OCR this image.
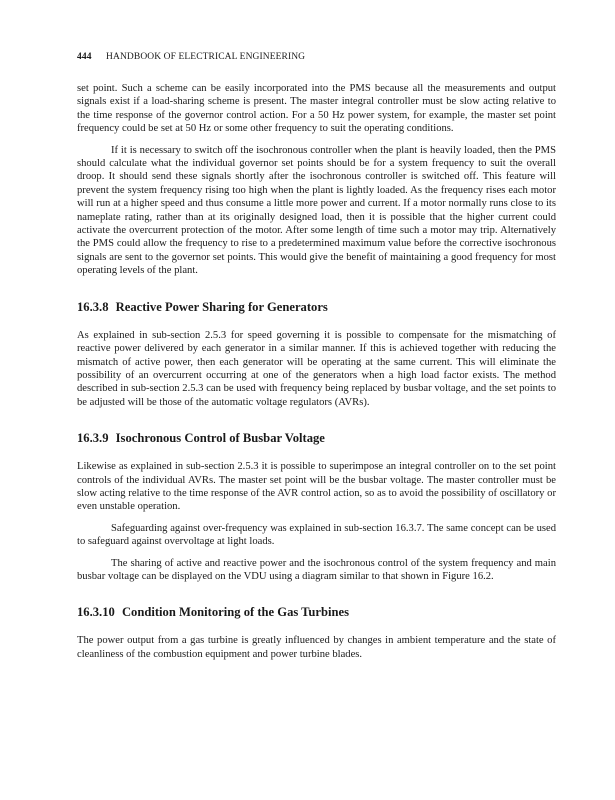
444 HANDBOOK OF ELECTRICAL ENGINEERING

set point. Such a scheme can be easily incorporated into the PMS because all the measurements and output signals exist if a load-sharing scheme is present. The master integral controller must be slow acting relative to the time response of the governor control action. For a 50 Hz power system, for example, the master set point frequency could be set at 50 Hz or some other frequency to suit the operating conditions.

If it is necessary to switch off the isochronous controller when the plant is heavily loaded, then the PMS should calculate what the individual governor set points should be for a system frequency to suit the overall droop. It should send these signals shortly after the isochronous controller is switched off. This feature will prevent the system frequency rising too high when the plant is lightly loaded. As the frequency rises each motor will run at a higher speed and thus consume a little more power and current. If a motor normally runs close to its nameplate rating, rather than at its originally designed load, then it is possible that the higher current could activate the overcurrent protection of the motor. After some length of time such a motor may trip. Alternatively the PMS could allow the frequency to rise to a predetermined maximum value before the corrective isochronous signals are sent to the governor set points. This would give the benefit of maintaining a good frequency for most operating levels of the plant.

16.3.8 Reactive Power Sharing for Generators

As explained in sub-section 2.5.3 for speed governing it is possible to compensate for the mismatching of reactive power delivered by each generator in a similar manner. If this is achieved together with reducing the mismatch of active power, then each generator will be operating at the same current. This will eliminate the possibility of an overcurrent occurring at one of the generators when a high load factor exists. The method described in sub-section 2.5.3 can be used with frequency being replaced by busbar voltage, and the set points to be adjusted will be those of the automatic voltage regulators (AVRs).

16.3.9 Isochronous Control of Busbar Voltage

Likewise as explained in sub-section 2.5.3 it is possible to superimpose an integral controller on to the set point controls of the individual AVRs. The master set point will be the busbar voltage. The master controller must be slow acting relative to the time response of the AVR control action, so as to avoid the possibility of oscillatory or even unstable operation.

Safeguarding against over-frequency was explained in sub-section 16.3.7. The same concept can be used to safeguard against overvoltage at light loads.

The sharing of active and reactive power and the isochronous control of the system frequency and main busbar voltage can be displayed on the VDU using a diagram similar to that shown in Figure 16.2.

16.3.10 Condition Monitoring of the Gas Turbines

The power output from a gas turbine is greatly influenced by changes in ambient temperature and the state of cleanliness of the combustion equipment and power turbine blades.
